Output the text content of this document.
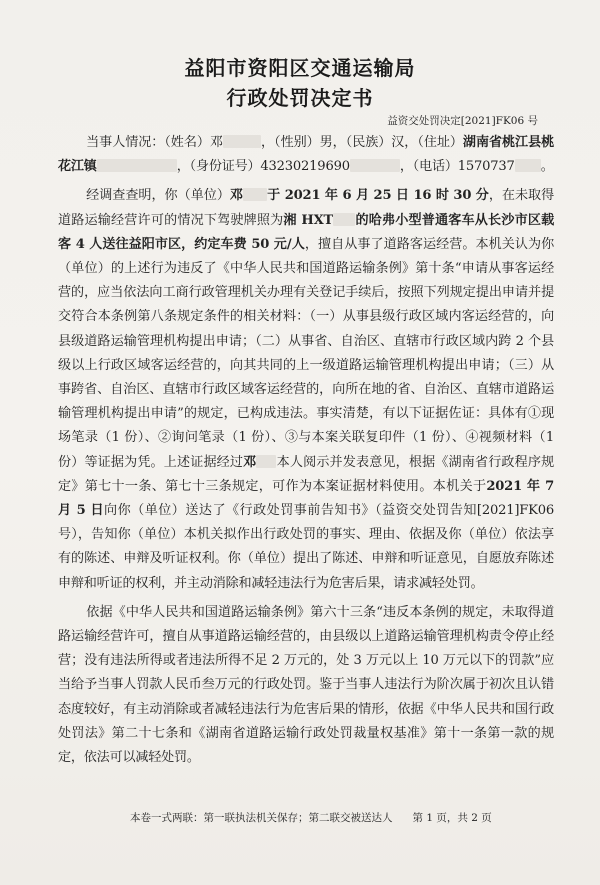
益阳市资阳区交通运输局
行政处罚决定书
益资交处罚决定[2021]FK06 号

当事人情况：（姓名）邓	，（性别）男，（民族）汉，（住址）湖南省桃江县桃花江镇	，（身份证号）43230219690	，（电话）1570737 。

经调查查明，你（单位）邓 于 2021 年 6 月 25 日 16 时 30 分，在未取得道路运输经营许可的情况下驾驶牌照为湘 HXT 的哈弗小型普通客车从长沙市区载客 4 人送往益阳市区，约定车费 50 元/人，擅自从事了道路客运经营。本机关认为你（单位）的上述行为违反了《中华人民共和国道路运输条例》第十条“申请从事客运经营的，应当依法向工商行政管理机关办理有关登记手续后，按照下列规定提出申请并提交符合本条例第八条规定条件的相关材料：（一）从事县级行政区域内客运经营的，向县级道路运输管理机构提出申请；（二）从事省、自治区、直辖市行政区域内跨 2 个县级以上行政区域客运经营的，向其共同的上一级道路运输管理机构提出申请；（三）从事跨省、自治区、直辖市行政区域客运经营的，向所在地的省、自治区、直辖市道路运输管理机构提出申请”的规定，已构成违法。事实清楚，有以下证据佐证：具体有①现场笔录（1 份）、②询问笔录（1 份）、③与本案关联复印件（1 份）、④视频材料（1 份）等证据为凭。上述证据经过邓 本人阅示并发表意见，根据《湖南省行政程序规定》第七十一条、第七十三条规定，可作为本案证据材料使用。本机关于2021 年 7 月 5 日向你（单位）送达了《行政处罚事前告知书》（益资交处罚告知[2021]FK06 号），告知你（单位）本机关拟作出行政处罚的事实、理由、依据及你（单位）依法享有的陈述、申辩及听证权利。你（单位）提出了陈述、申辩和听证意见，自愿放弃陈述申辩和听证的权利，并主动消除和减轻违法行为危害后果，请求减轻处罚。

依据《中华人民共和国道路运输条例》第六十三条“违反本条例的规定，未取得道路运输经营许可，擅自从事道路运输经营的，由县级以上道路运输管理机构责令停止经营；没有违法所得或者违法所得不足 2 万元的，处 3 万元以上 10 万元以下的罚款”应当给予当事人罚款人民币叁万元的行政处罚。鉴于当事人违法行为阶次属于初次且认错态度较好，有主动消除或者减轻违法行为危害后果的情形，依据《中华人民共和国行政处罚法》第二十七条和《湖南省道路运输行政处罚裁量权基准》第十一条第一款的规定，依法可以减轻处罚。

本卷一式两联：第一联执法机关保存；第二联交被送达人 第 1 页，共 2 页
